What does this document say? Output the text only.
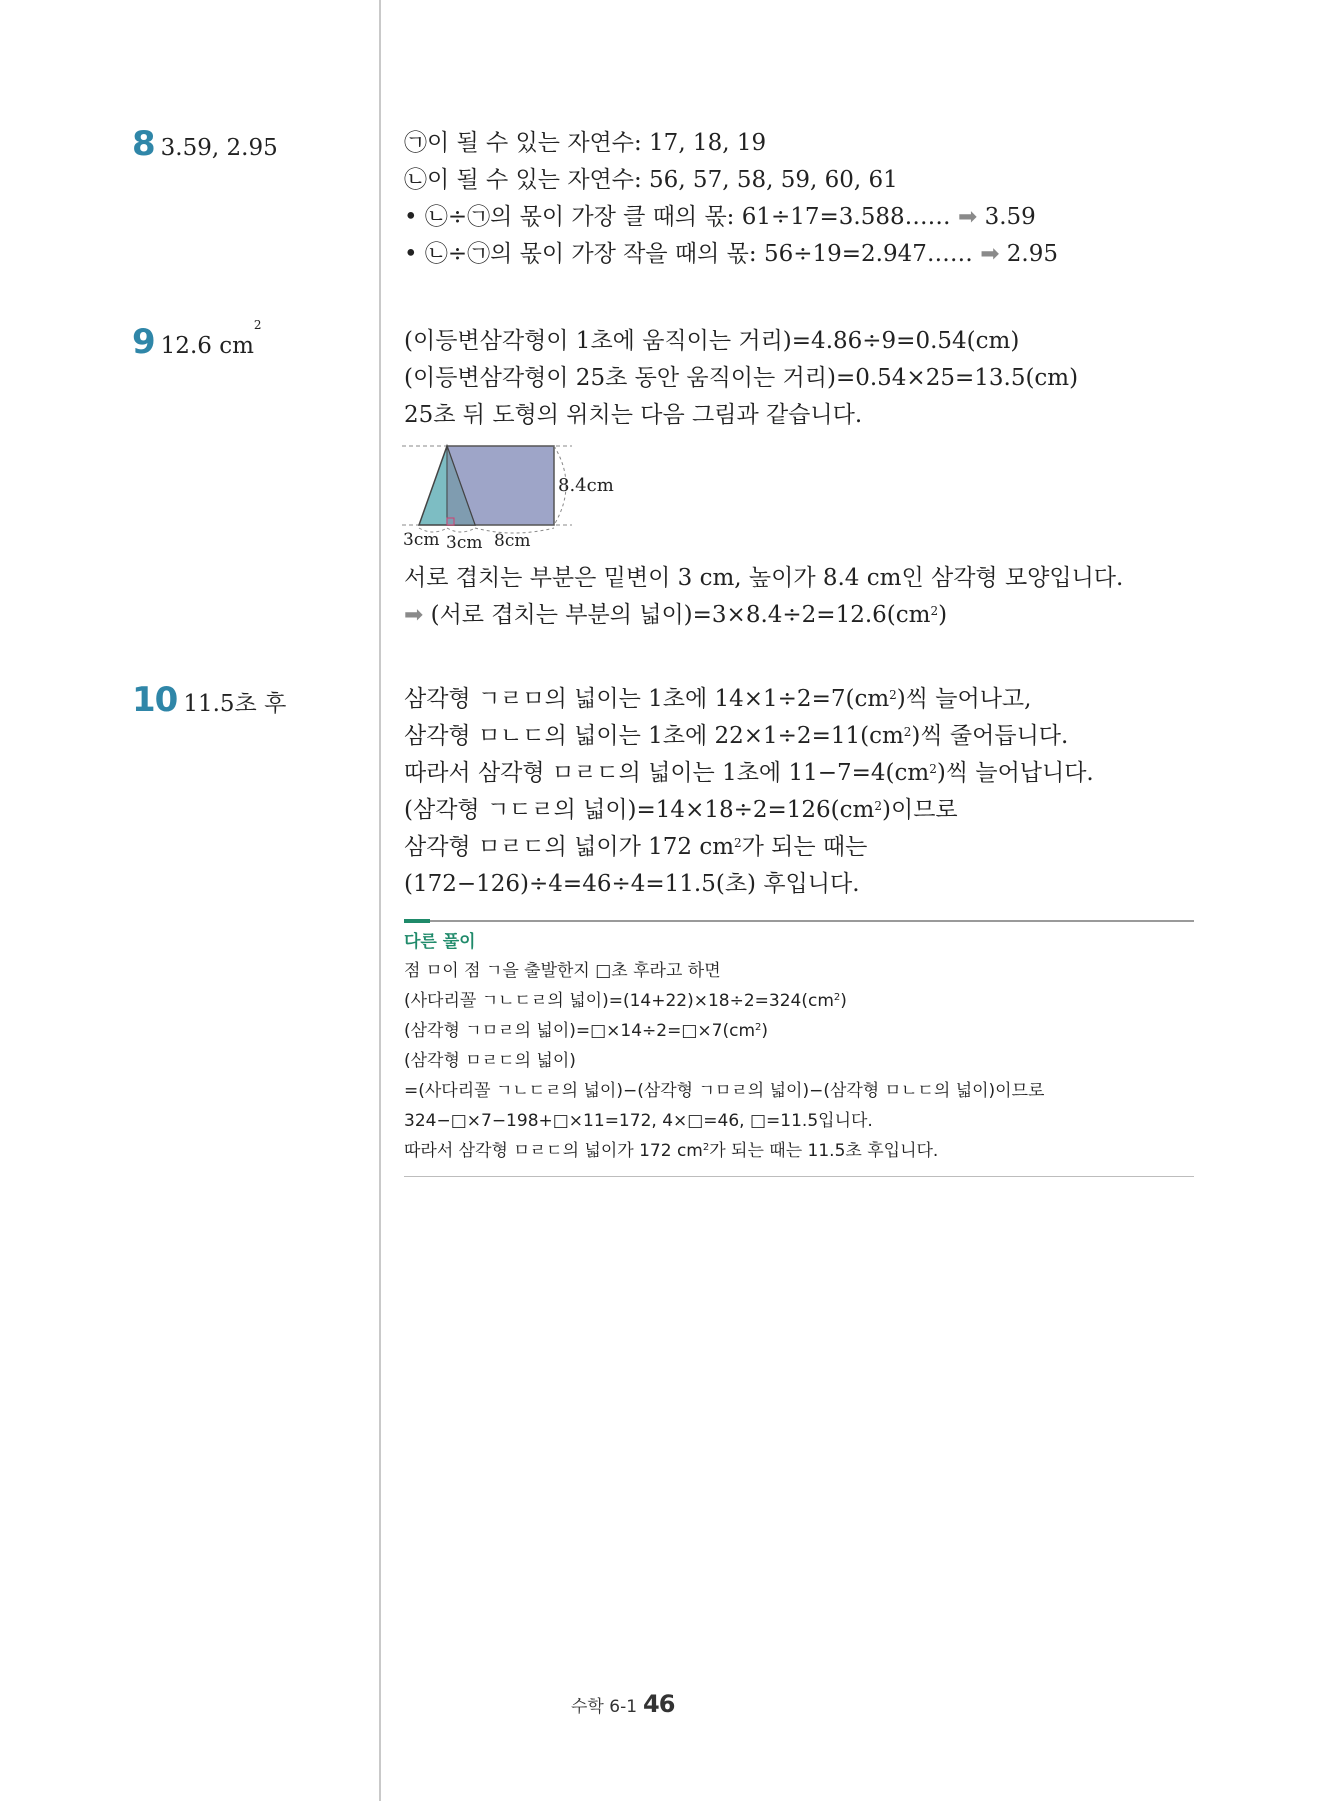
8 3.59, 2.95	㉠이 될 수 있는 자연수: 17, 18, 19
㉡이 될 수 있는 자연수: 56, 57, 58, 59, 60, 61
• ㉡÷㉠의 몫이 가장 클 때의 몫: 61÷17=3.588…… ➡ 3.59
• ㉡÷㉠의 몫이 가장 작을 때의 몫: 56÷19=2.947…… ➡ 2.95
9 12.6 $cm^2$
(이등변삼각형이 1초에 움직이는 거리)=4.86÷9=0.54(cm)
(이등변삼각형이 25초 동안 움직이는 거리)=0.54×25=13.5(cm)
25초 뒤 도형의 위치는 다음 그림과 같습니다.
8.4cm
3cm 3cm 8cm
서로 겹치는 부분은 밑변이 3 cm, 높이가 8.4 cm인 삼각형 모양입니다.
➡ (서로 겹치는 부분의 넓이)$=3\times 8.4\div 2=12.6(cm^2)$
10 11.5초 후	삼각형 ㄱㄹㅁ의 넓이는 1초에 $14\times 1\div 2=7(cm^2)$씩 늘어나고,
삼각형 ㅁㄴㄷ의 넓이는 1초에 $22\times 1\div 2=11(cm^2)$씩 줄어듭니다.
따라서 삼각형 ㅁㄹㄷ의 넓이는 1초에 $11-7=4(cm^2)$씩 늘어납니다.
(삼각형 ㄱㄷㄹ의 넓이)$=14\times 18\div 2=126(cm^2)$이므로
삼각형 ㅁㄹㄷ의 넓이가 172 $cm^2$가 되는 때는
(172−126)÷4=46÷4=11.5(초) 후입니다.
다른 풀이
점 ㅁ이 점 ㄱ을 출발한지 □초 후라고 하면
(사다리꼴 ㄱㄴㄷㄹ의 넓이)$=(14+22)\times 18\div 2=324(cm^2)$
(삼각형 ㄱㅁㄹ의 넓이)$=□\times 14\div 2=□\times 7(cm^2)$
(삼각형 ㅁㄹㄷ의 넓이)
=(사다리꼴 ㄱㄴㄷㄹ의 넓이)−(삼각형 ㄱㅁㄹ의 넓이)−(삼각형 ㅁㄴㄷ의 넓이)이므로
324−□×7−198+□×11=172, 4×□=46, □=11.5입니다.
따라서 삼각형 ㅁㄹㄷ의 넓이가 172 $cm^2$가 되는 때는 11.5초 후입니다.
수학 6-1 46
